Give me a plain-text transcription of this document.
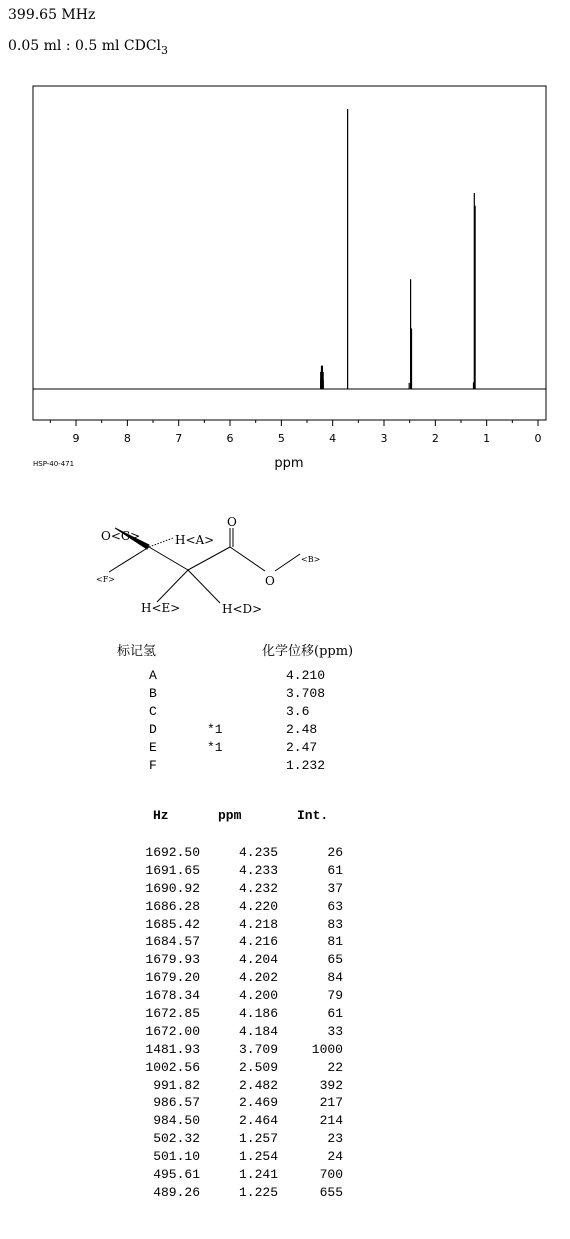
399.65 MHz
0.05 ml : 0.5 ml CDCl$_3$
9	8	7	6	5	4	3	2	1	0
ppm
HSP-40-471
O<C>	H<A>
O
O
<B>
<F>
H<E>	H<D>
标记氢	化学位移(ppm)
A	4.210
B	3.708
C	3.6
D	*1	2.48
E	*1	2.47
F	1.232
Hz	ppm	Int.
1692.50	4.235	26
1691.65	4.233	61
1690.92	4.232	37
1686.28	4.220	63
1685.42	4.218	83
1684.57	4.216	81
1679.93	4.204	65
1679.20	4.202	84
1678.34	4.200	79
1672.85	4.186	61
1672.00	4.184	33
1481.93	3.709	1000
1002.56	2.509	22
991.82	2.482	392
986.57	2.469	217
984.50	2.464	214
502.32	1.257	23
501.10	1.254	24
495.61	1.241	700
489.26	1.225	655
